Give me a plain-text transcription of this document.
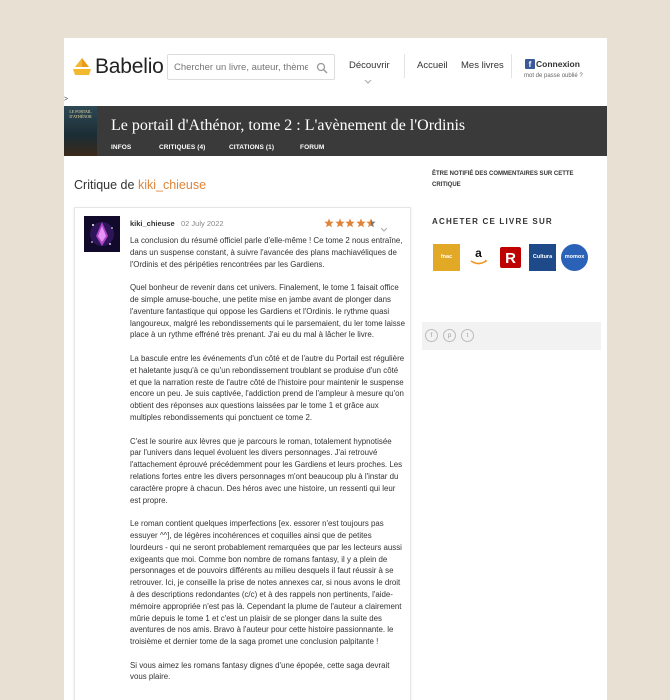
Babelio
Chercher un livre, auteur, thème	Découvrir	Accueil Mes livres	f Connexion
mot de passe oublié ?
>
LE PORTAIL D'ATHÉNOR
Le portail d'Athénor, tome 2 : L'avènement de l'Ordinis
INFOS	CRITIQUES (4)	CITATIONS (1)	FORUM
Critique de kiki_chieuse
kiki_chieuse 02 July 2022

La conclusion du résumé officiel parle d'elle-même ! Ce tome 2 nous entraîne, dans un suspense constant, à suivre l'avancée des plans machiavéliques de l'Ordinis et des péripéties rencontrées par les Gardiens.

Quel bonheur de revenir dans cet univers. Finalement, le tome 1 faisait office de simple amuse-bouche, une petite mise en jambe avant de plonger dans l'aventure fantastique qui oppose les Gardiens et l'Ordinis. le rythme quasi langoureux, malgré les rebondissements qui le parsemaient, du ler tome laisse place à un rythme effréné très prenant. J'ai eu du mal à lâcher le livre.

La bascule entre les événements d'un côté et de l'autre du Portail est régulière et haletante jusqu'à ce qu'un rebondissement troublant se produise d'un côté et que la narration reste de l'autre côté de l'histoire pour maintenir le suspense encore un peu. Je suis captivée, l'addiction prend de l'ampleur à mesure qu'on obtient des réponses aux questions laissées par le tome 1 et grâce aux multiples rebondissements qui ponctuent ce tome 2.

C'est le sourire aux lèvres que je parcours le roman, totalement hypnotisée par l'univers dans lequel évoluent les divers personnages. J'ai retrouvé l'attachement éprouvé précédemment pour les Gardiens et leurs proches. Les relations fortes entre les divers personnages m'ont beaucoup plu à l'instar du caractère propre à chacun. Des héros avec une histoire, un ressenti qui leur est propre.

Le roman contient quelques imperfections [ex. essorer n'est toujours pas essuyer ^^], de légères incohérences et coquilles ainsi que de petites lourdeurs - qui ne seront probablement remarquées que par les lecteurs aussi exigeants que moi. Comme bon nombre de romans fantasy, il y a plein de personnages et de pouvoirs différents au milieu desquels il faut réussir à se retrouver. Ici, je conseille la prise de notes annexes car, si nous avons le droit à des descriptions redondantes (c/c) et à des rappels non pertinents, l'aide-mémoire appropriée n'est pas là. Cependant la plume de l'auteur a clairement mûrie depuis le tome 1 et c'est un plaisir de se plonger dans la suite des aventures de nos amis. Bravo à l'auteur pour cette histoire passionnante. le troisième et dernier tome de la saga promet une conclusion palpitante !

Si vous aimez les romans fantasy dignes d'une épopée, cette saga devrait vous plaire.

ÊTRE NOTIFIÉ DES COMMENTAIRES SUR CETTE CRITIQUE
ACHETER CE LIVRE SUR
fnac	a R	Cultura	momox
f	p	t
